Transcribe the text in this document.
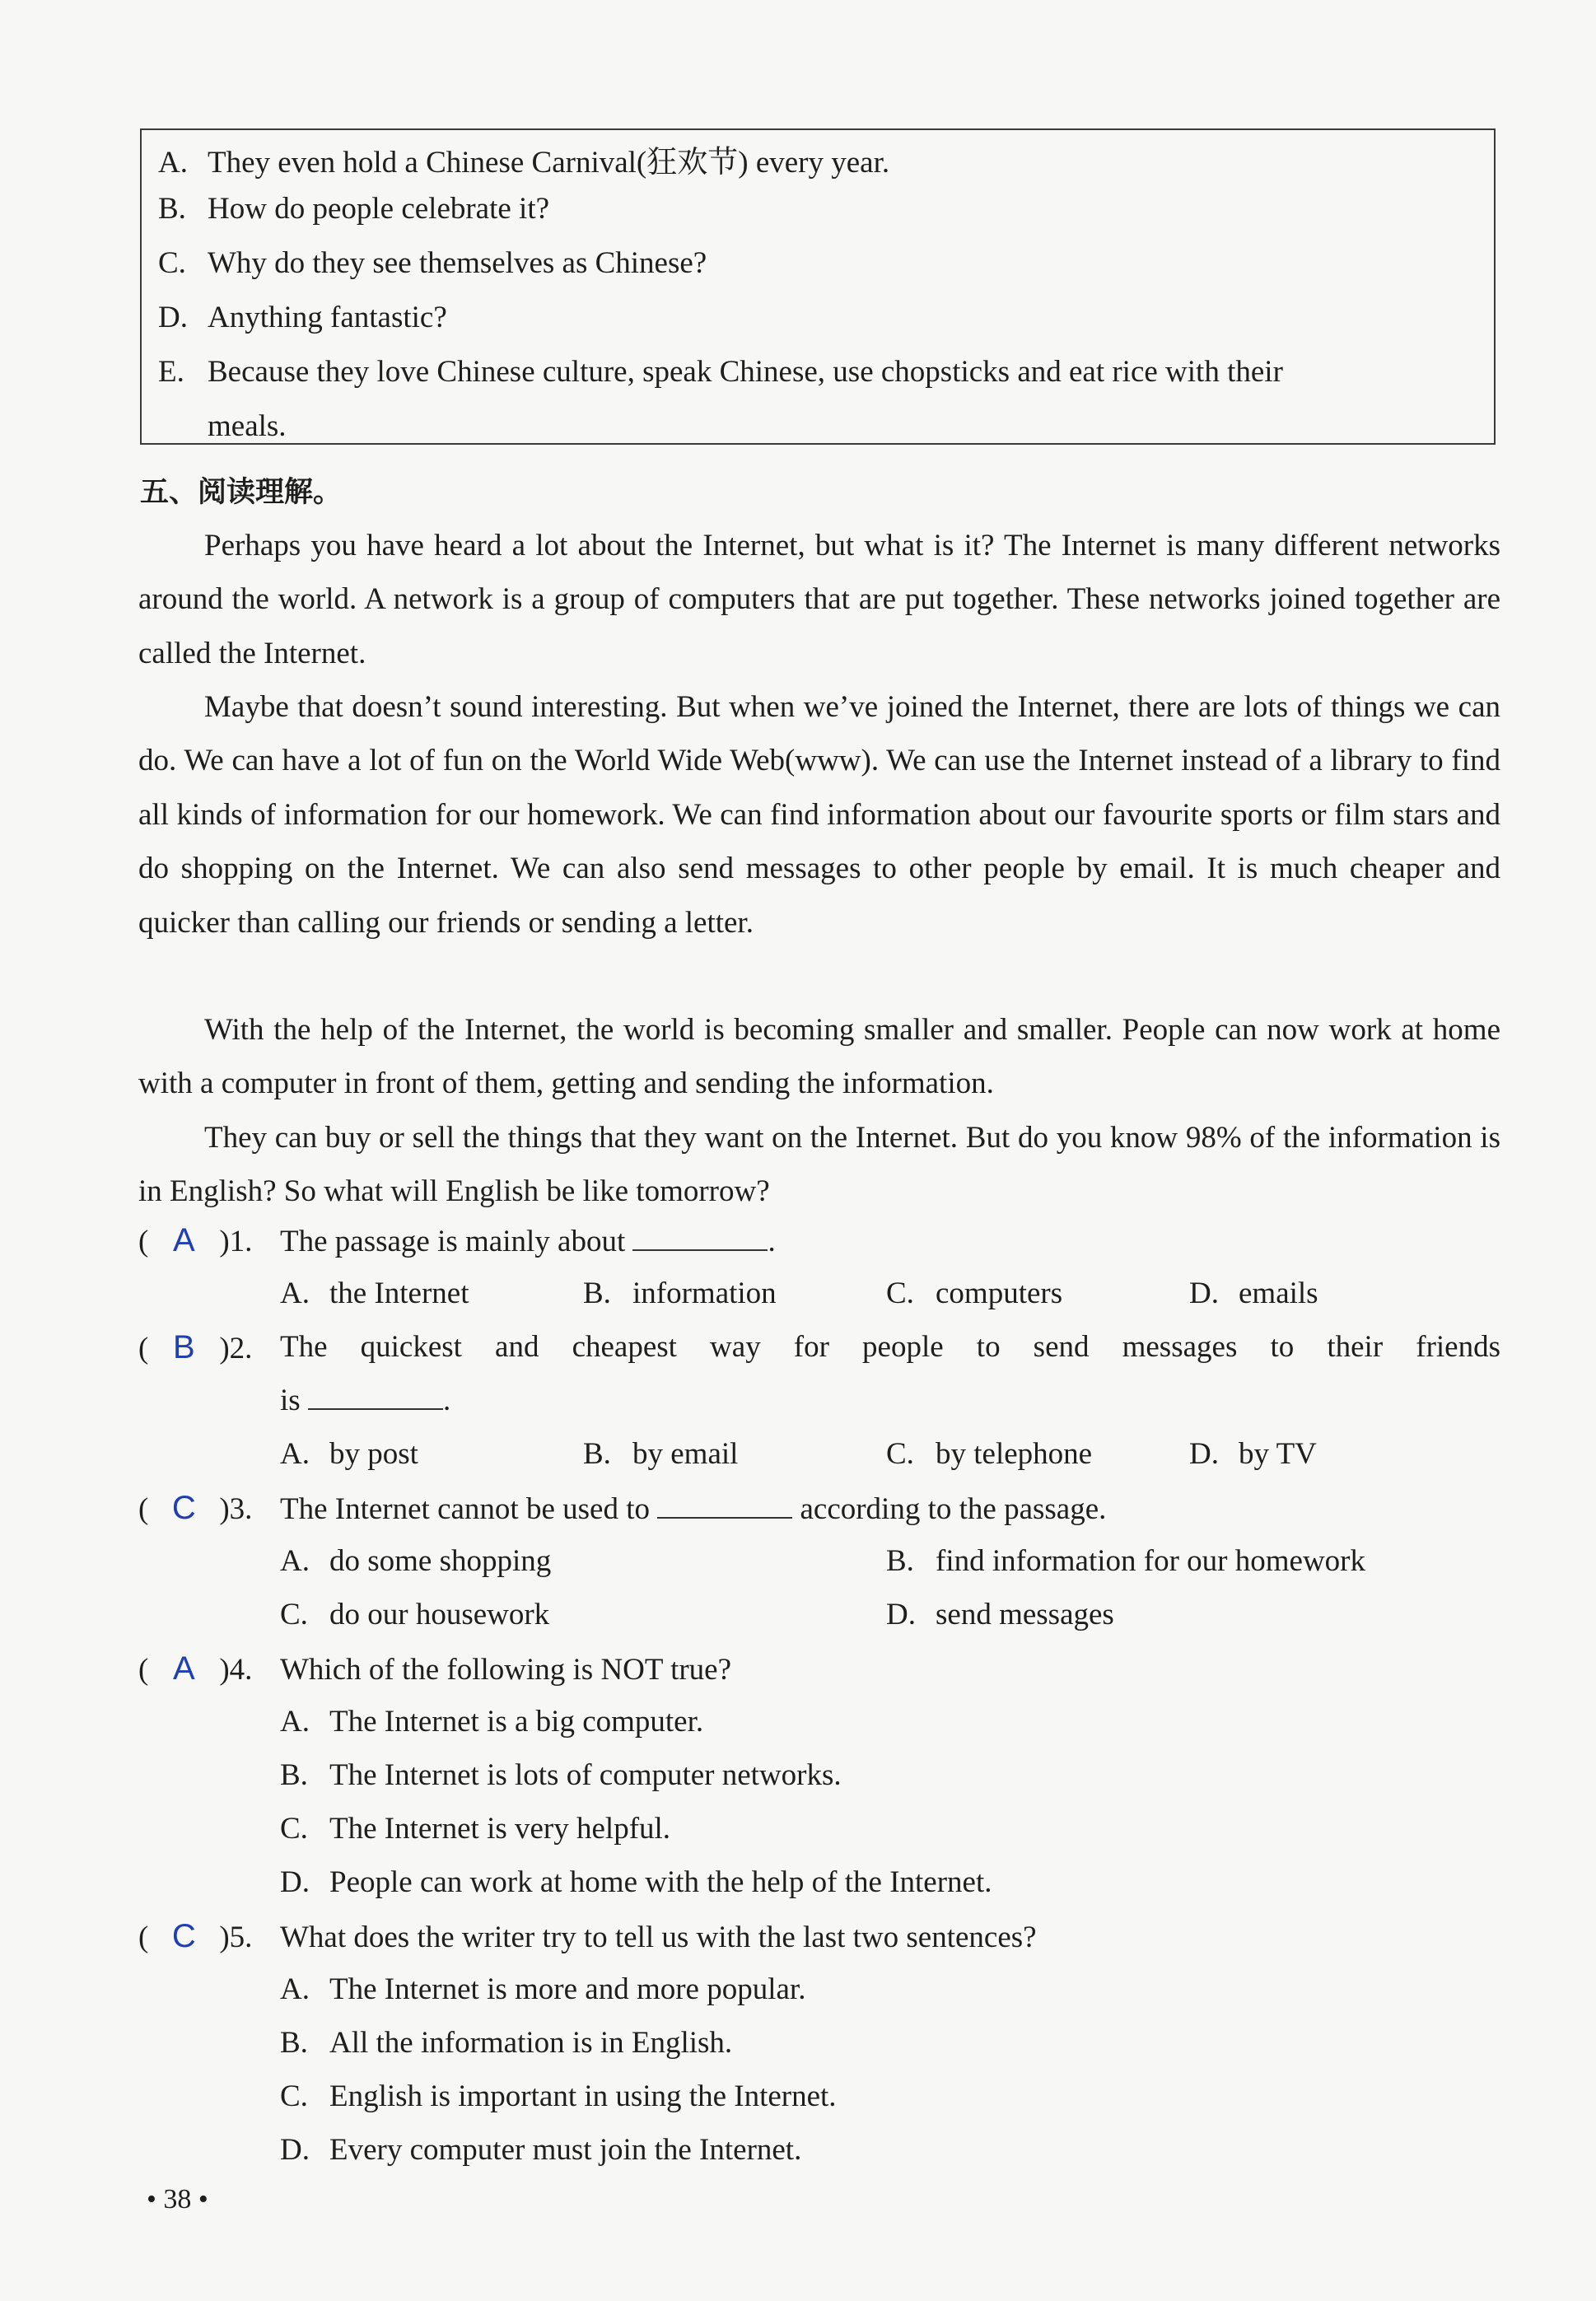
A. They even hold a Chinese Carnival(狂欢节) every year.
B. How do people celebrate it?
C. Why do they see themselves as Chinese?
D. Anything fantastic?
E. Because they love Chinese culture, speak Chinese, use chopsticks and eat rice with their
meals.
五、阅读理解。

Perhaps you have heard a lot about the Internet, but what is it? The Internet is many different networks around the world. A network is a group of computers that are put together. These networks joined together are called the Internet.

Maybe that doesn’t sound interesting. But when we’ve joined the Internet, there are lots of things we can do. We can have a lot of fun on the World Wide Web(www). We can use the Internet instead of a library to find all kinds of information for our homework. We can find information about our favourite sports or film stars and do shopping on the Internet. We can also send messages to other people by email. It is much cheaper and quicker than calling our friends or sending a letter.

With the help of the Internet, the world is becoming smaller and smaller. People can now work at home with a computer in front of them, getting and sending the information.

They can buy or sell the things that they want on the Internet. But do you know 98% of the information is in English? So what will English be like tomorrow?

( A )1. The passage is mainly about	.
A. the Internet	B. information	C. computers	D. emails
( B )2. The quickest and cheapest way for people to send messages to their friends
is	.
A. by post	B. by email	C. by telephone	D. by TV
( C )3. The Internet cannot be used to	according to the passage.
A. do some shopping	B. find information for our homework
C. do our housework	D. send messages
( A )4. Which of the following is NOT true?
A. The Internet is a big computer.
B. The Internet is lots of computer networks.
C. The Internet is very helpful.
D. People can work at home with the help of the Internet.
( C )5. What does the writer try to tell us with the last two sentences?
A. The Internet is more and more popular.
B. All the information is in English.
C. English is important in using the Internet.
D. Every computer must join the Internet.
• 38 •
